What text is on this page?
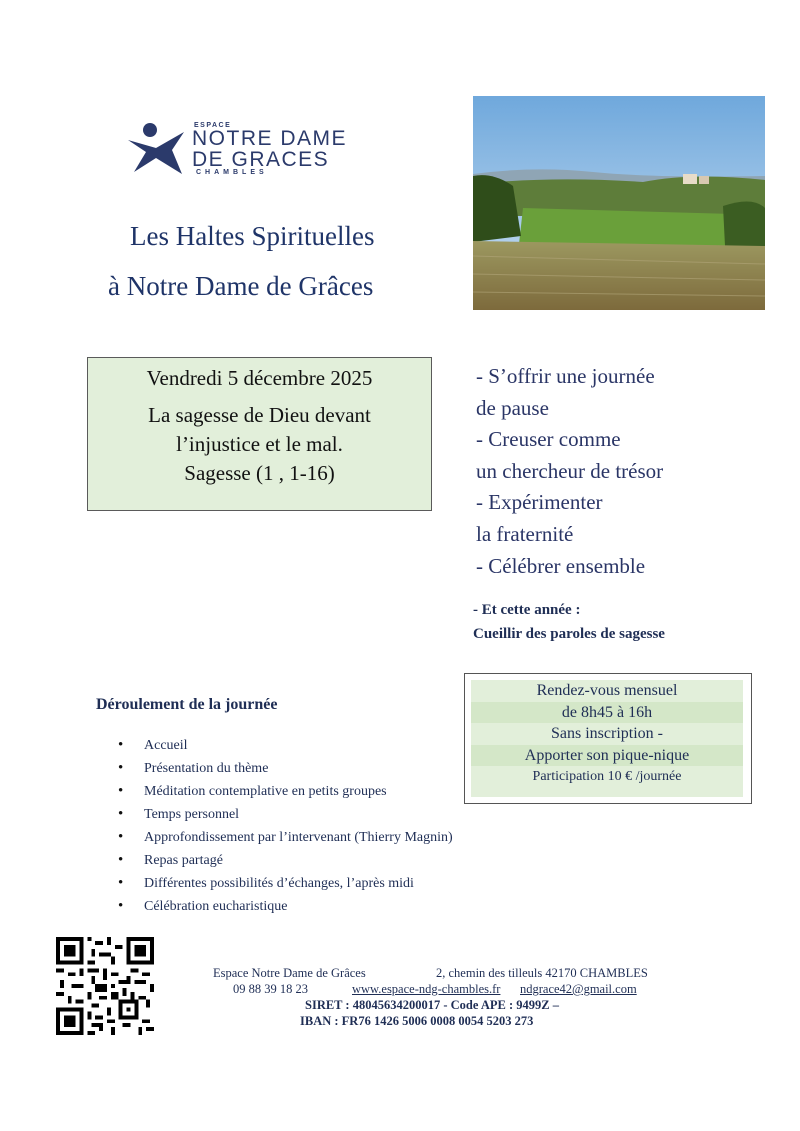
ESPACE
NOTRE DAME
DE GRACES
CHAMBLES
Les Haltes Spirituelles
à Notre Dame de Grâces
Vendredi 5 décembre 2025
La sagesse de Dieu devant
l’injustice et le mal.
Sagesse (1 , 1-16)
- S’offrir une journée
de pause
- Creuser comme
un chercheur de trésor
- Expérimenter
la fraternité
- Célébrer ensemble
- Et cette année :
Cueillir des paroles de sagesse
Rendez-vous mensuel
de 8h45 à 16h
Sans inscription -
Apporter son pique-nique
Participation 10 € /journée
Déroulement de la journée
• Accueil
• Présentation du thème
• Méditation contemplative en petits groupes
• Temps personnel
• Approfondissement par l’intervenant (Thierry Magnin)
• Repas partagé
• Différentes possibilités d’échanges, l’après midi
• Célébration eucharistique
Espace Notre Dame de Grâces	2, chemin des tilleuls 42170 CHAMBLES
09 88 39 18 23	www.espace-ndg-chambles.fr ndgrace42@gmail.com
SIRET : 48045634200017 - Code APE : 9499Z –
IBAN : FR76 1426 5006 0008 0054 5203 273
